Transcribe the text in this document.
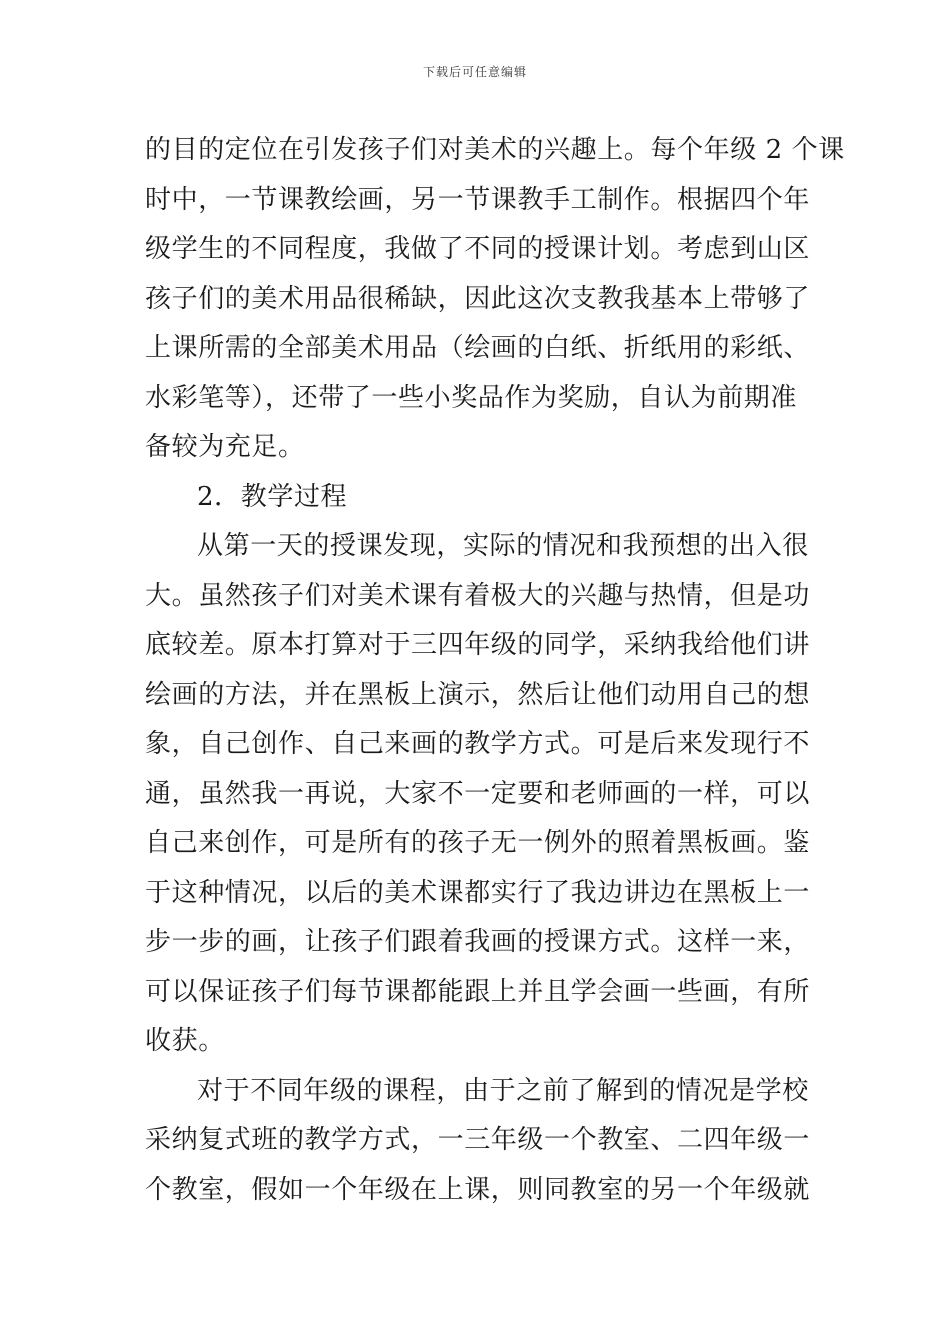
下载后可任意编辑
的目的定位在引发孩子们对美术的兴趣上。每个年级 2 个课
时中，一节课教绘画，另一节课教手工制作。根据四个年
级学生的不同程度，我做了不同的授课计划。考虑到山区
孩子们的美术用品很稀缺，因此这次支教我基本上带够了
上课所需的全部美术用品（绘画的白纸、折纸用的彩纸、
水彩笔等），还带了一些小奖品作为奖励，自认为前期准
备较为充足。
2．教学过程
从第一天的授课发现，实际的情况和我预想的出入很
大。虽然孩子们对美术课有着极大的兴趣与热情，但是功
底较差。原本打算对于三四年级的同学，采纳我给他们讲
绘画的方法，并在黑板上演示，然后让他们动用自己的想
象，自己创作、自己来画的教学方式。可是后来发现行不
通，虽然我一再说，大家不一定要和老师画的一样，可以
自己来创作，可是所有的孩子无一例外的照着黑板画。鉴
于这种情况，以后的美术课都实行了我边讲边在黑板上一
步一步的画，让孩子们跟着我画的授课方式。这样一来，
可以保证孩子们每节课都能跟上并且学会画一些画，有所
收获。
对于不同年级的课程，由于之前了解到的情况是学校
采纳复式班的教学方式，一三年级一个教室、二四年级一
个教室，假如一个年级在上课，则同教室的另一个年级就
